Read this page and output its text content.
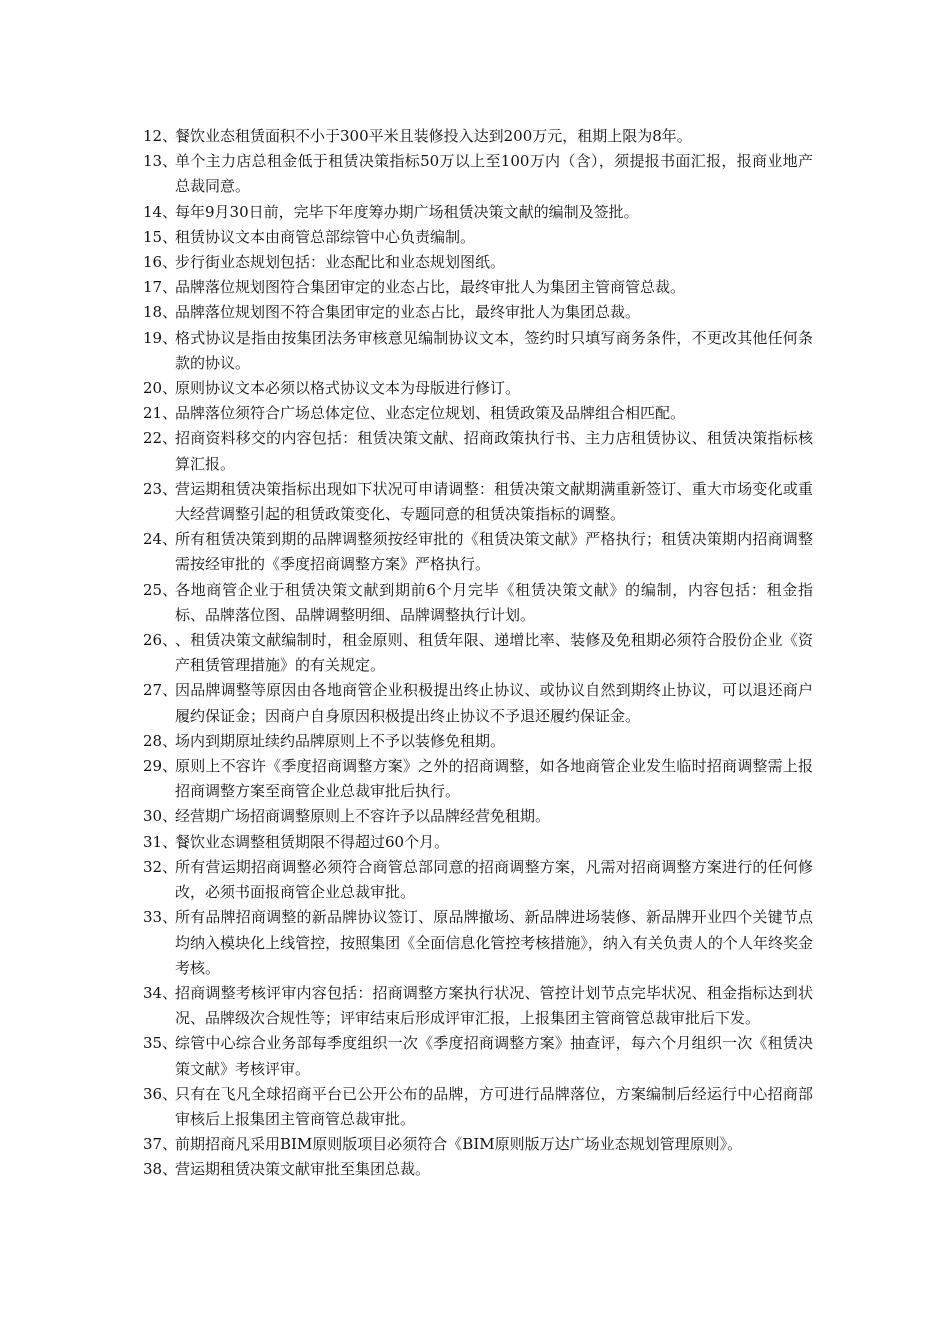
12、
餐饮业态租赁面积不小于300平米且装修投入达到200万元，租期上限为8年。
13、
单个主力店总租金低于租赁决策指标50万以上至100万内（含），须提报书面汇报，报商业地产总裁同意。
14、
每年9月30日前，完毕下年度筹办期广场租赁决策文献的编制及签批。
15、
租赁协议文本由商管总部综管中心负责编制。
16、
步行街业态规划包括：业态配比和业态规划图纸。
17、
品牌落位规划图符合集团审定的业态占比，最终审批人为集团主管商管总裁。
18、
品牌落位规划图不符合集团审定的业态占比，最终审批人为集团总裁。
19、
格式协议是指由按集团法务审核意见编制协议文本，签约时只填写商务条件，不更改其他任何条款的协议。
20、
原则协议文本必须以格式协议文本为母版进行修订。
21、
品牌落位须符合广场总体定位、业态定位规划、租赁政策及品牌组合相匹配。
22、
招商资料移交的内容包括：租赁决策文献、招商政策执行书、主力店租赁协议、租赁决策指标核算汇报。
23、
营运期租赁决策指标出现如下状况可申请调整：租赁决策文献期满重新签订、重大市场变化或重大经营调整引起的租赁政策变化、专题同意的租赁决策指标的调整。
24、
所有租赁决策到期的品牌调整须按经审批的《租赁决策文献》严格执行；租赁决策期内招商调整需按经审批的《季度招商调整方案》严格执行。
25、
各地商管企业于租赁决策文献到期前6个月完毕《租赁决策文献》的编制，内容包括：租金指标、品牌落位图、品牌调整明细、品牌调整执行计划。
26、
、租赁决策文献编制时，租金原则、租赁年限、递增比率、装修及免租期必须符合股份企业《资产租赁管理措施》的有关规定。
27、
因品牌调整等原因由各地商管企业积极提出终止协议、或协议自然到期终止协议，可以退还商户履约保证金；因商户自身原因积极提出终止协议不予退还履约保证金。
28、
场内到期原址续约品牌原则上不予以装修免租期。
29、
原则上不容许《季度招商调整方案》之外的招商调整，如各地商管企业发生临时招商调整需上报招商调整方案至商管企业总裁审批后执行。
30、
经营期广场招商调整原则上不容许予以品牌经营免租期。
31、
餐饮业态调整租赁期限不得超过60个月。
32、
所有营运期招商调整必须符合商管总部同意的招商调整方案，凡需对招商调整方案进行的任何修改，必须书面报商管企业总裁审批。
33、
所有品牌招商调整的新品牌协议签订、原品牌撤场、新品牌进场装修、新品牌开业四个关键节点均纳入模块化上线管控，按照集团《全面信息化管控考核措施》，纳入有关负责人的个人年终奖金考核。
34、
招商调整考核评审内容包括：招商调整方案执行状况、管控计划节点完毕状况、租金指标达到状况、品牌级次合规性等；评审结束后形成评审汇报，上报集团主管商管总裁审批后下发。
35、
综管中心综合业务部每季度组织一次《季度招商调整方案》抽查评，每六个月组织一次《租赁决策文献》考核评审。
36、
只有在飞凡全球招商平台已公开公布的品牌，方可进行品牌落位，方案编制后经运行中心招商部审核后上报集团主管商管总裁审批。
37、
前期招商凡采用BIM原则版项目必须符合《BIM原则版万达广场业态规划管理原则》。
38、
营运期租赁决策文献审批至集团总裁。
